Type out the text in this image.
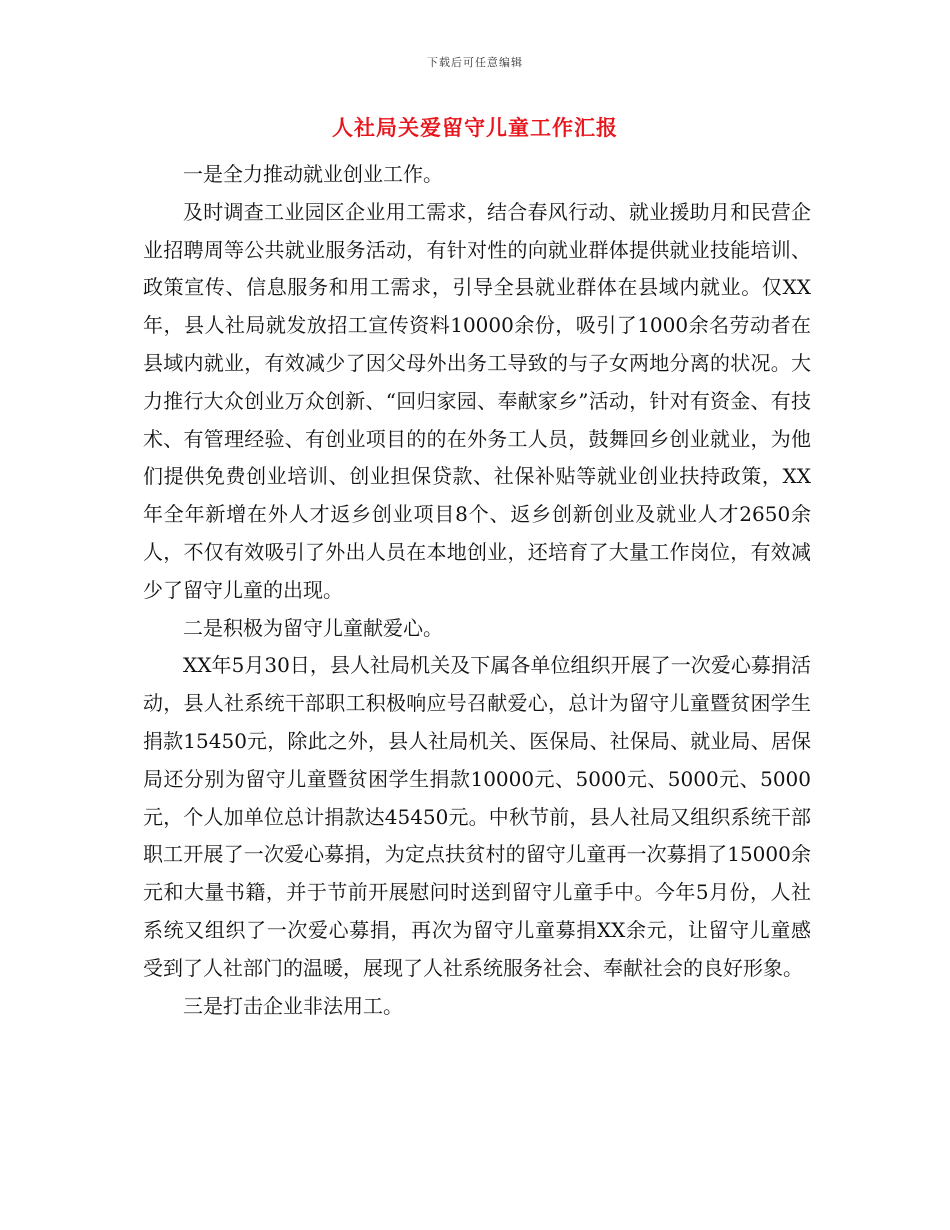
下载后可任意编辑
人社局关爱留守儿童工作汇报

一是全力推动就业创业工作。

及时调查工业园区企业用工需求，结合春风行动、就业援助月和民营企业招聘周等公共就业服务活动，有针对性的向就业群体提供就业技能培训、政策宣传、信息服务和用工需求，引导全县就业群体在县域内就业。仅XX年，县人社局就发放招工宣传资料10000余份，吸引了1000余名劳动者在县域内就业，有效减少了因父母外出务工导致的与子女两地分离的状况。大力推行大众创业万众创新、“回归家园、奉献家乡”活动，针对有资金、有技术、有管理经验、有创业项目的的在外务工人员，鼓舞回乡创业就业，为他们提供免费创业培训、创业担保贷款、社保补贴等就业创业扶持政策，XX年全年新增在外人才返乡创业项目8个、返乡创新创业及就业人才2650余人，不仅有效吸引了外出人员在本地创业，还培育了大量工作岗位，有效减少了留守儿童的出现。

二是积极为留守儿童献爱心。

XX年5月30日，县人社局机关及下属各单位组织开展了一次爱心募捐活动，县人社系统干部职工积极响应号召献爱心，总计为留守儿童暨贫困学生捐款15450元，除此之外，县人社局机关、医保局、社保局、就业局、居保局还分别为留守儿童暨贫困学生捐款10000元、5000元、5000元、5000元，个人加单位总计捐款达45450元。中秋节前，县人社局又组织系统干部职工开展了一次爱心募捐，为定点扶贫村的留守儿童再一次募捐了15000余元和大量书籍，并于节前开展慰问时送到留守儿童手中。今年5月份，人社系统又组织了一次爱心募捐，再次为留守儿童募捐XX余元，让留守儿童感受到了人社部门的温暖，展现了人社系统服务社会、奉献社会的良好形象。

三是打击企业非法用工。
